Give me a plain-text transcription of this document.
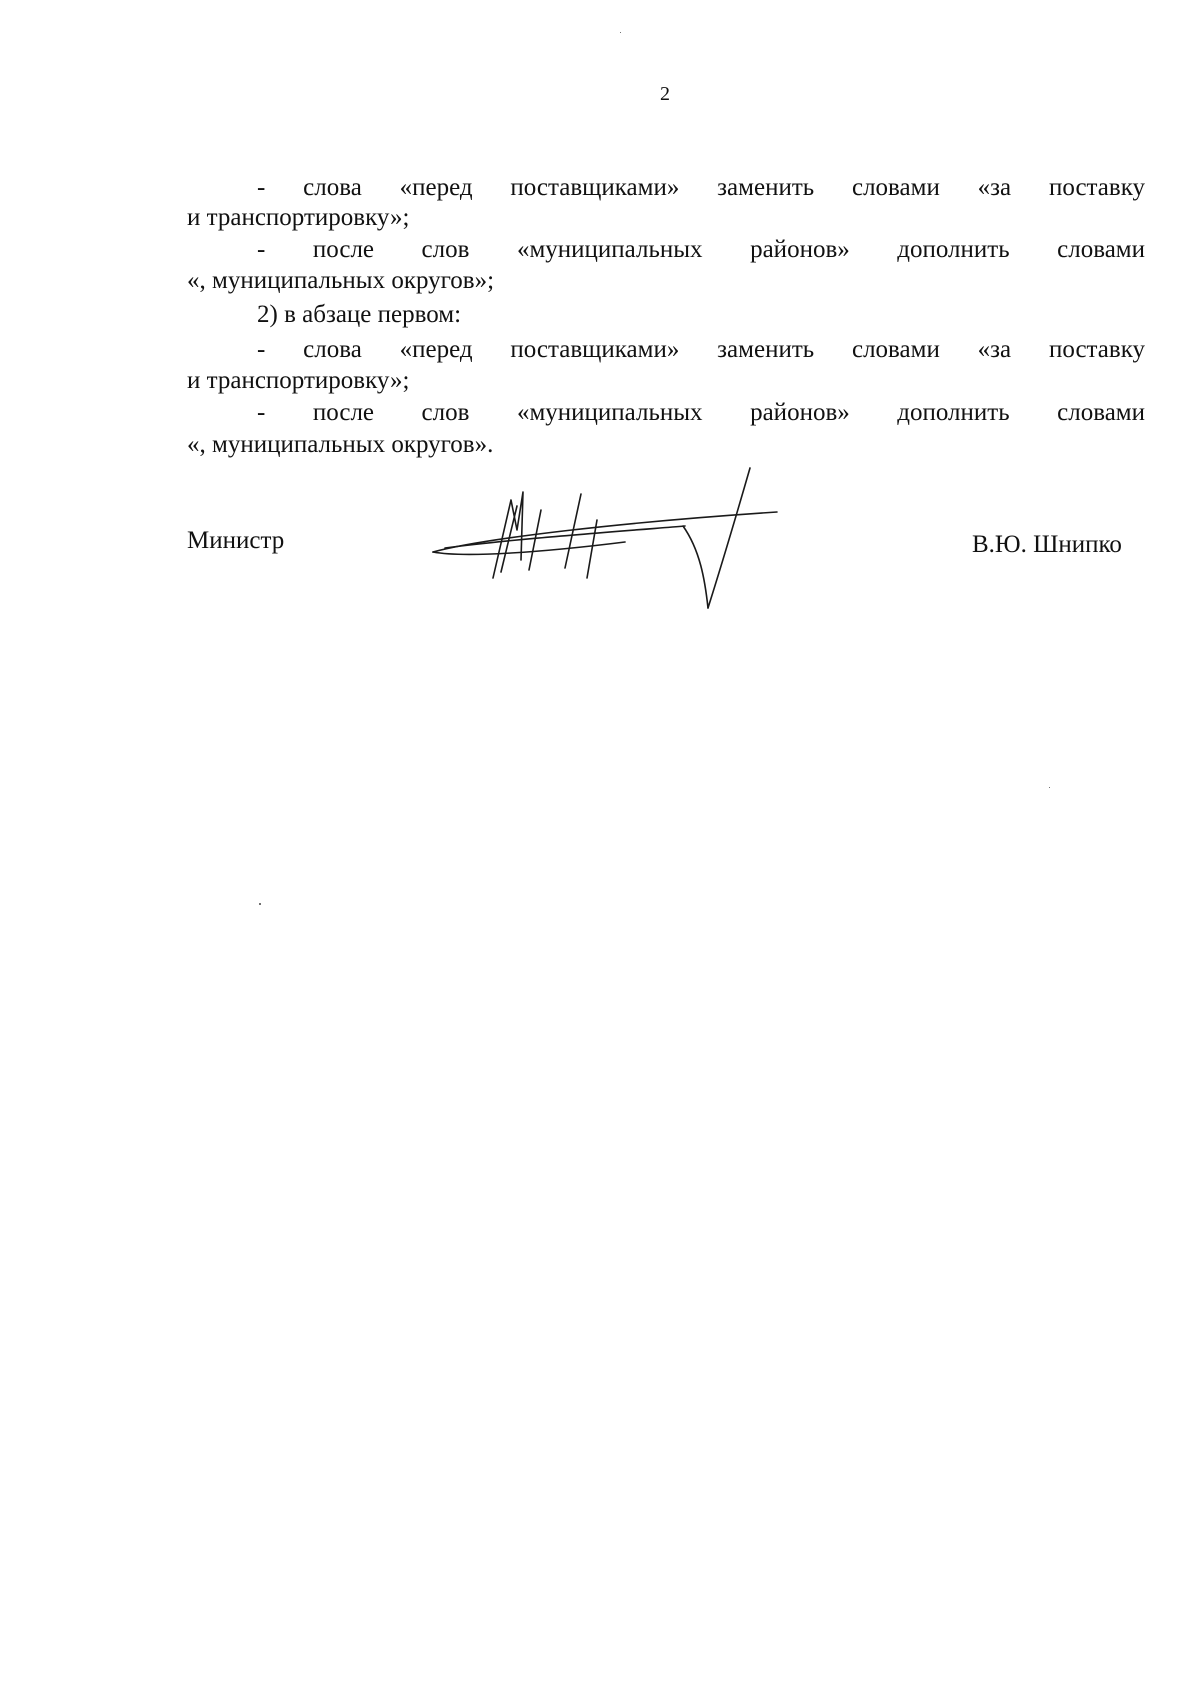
2
- слова «перед поставщиками» заменить словами «за поставку
и транспортировку»;
- после слов «муниципальных районов» дополнить словами
«, муниципальных округов»;
2) в абзаце первом:
- слова «перед поставщиками» заменить словами «за поставку
и транспортировку»;
- после слов «муниципальных районов» дополнить словами
«, муниципальных округов».
Министр	В.Ю. Шнипко
